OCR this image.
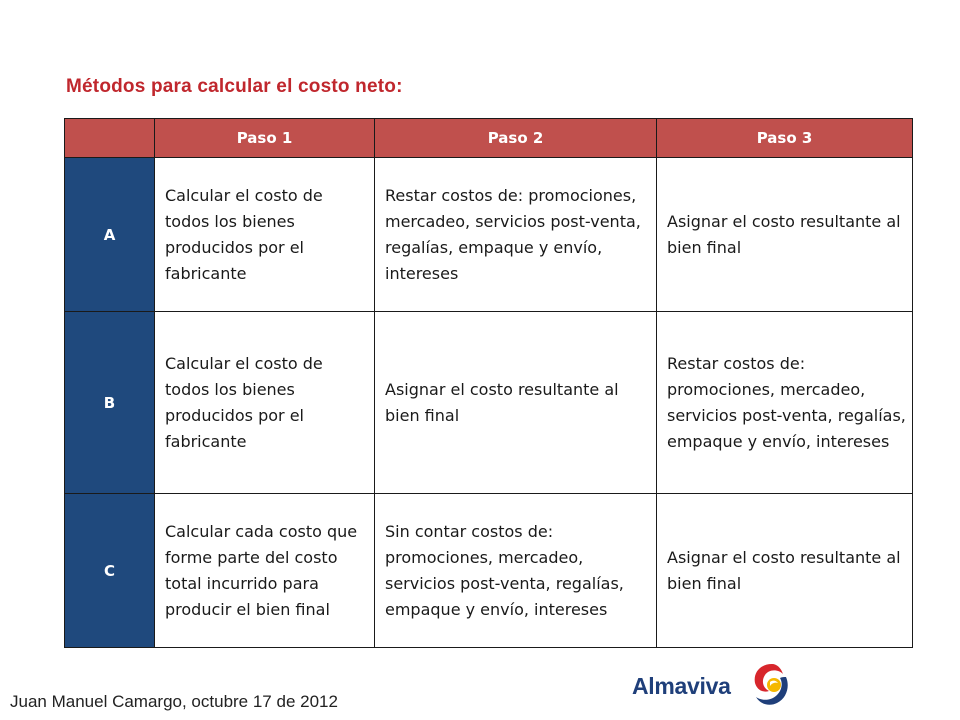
Métodos para calcular el costo neto:
	Paso 1	Paso 2	Paso 3
A	Calcular el costo de todos los bienes producidos por el fabricante	Restar costos de: promociones, mercadeo, servicios post-venta, regalías, empaque y envío, intereses	Asignar el costo resultante al bien final
B	Calcular el costo de todos los bienes producidos por el fabricante	Asignar el costo resultante al bien final	Restar costos de: promociones, mercadeo, servicios post-venta, regalías, empaque y envío, intereses
C	Calcular cada costo que forme parte del costo total incurrido para producir el bien final	Sin contar costos de: promociones, mercadeo, servicios post-venta, regalías, empaque y envío, intereses	Asignar el costo resultante al bien final
Juan Manuel Camargo, octubre 17 de 2012
Almaviva
